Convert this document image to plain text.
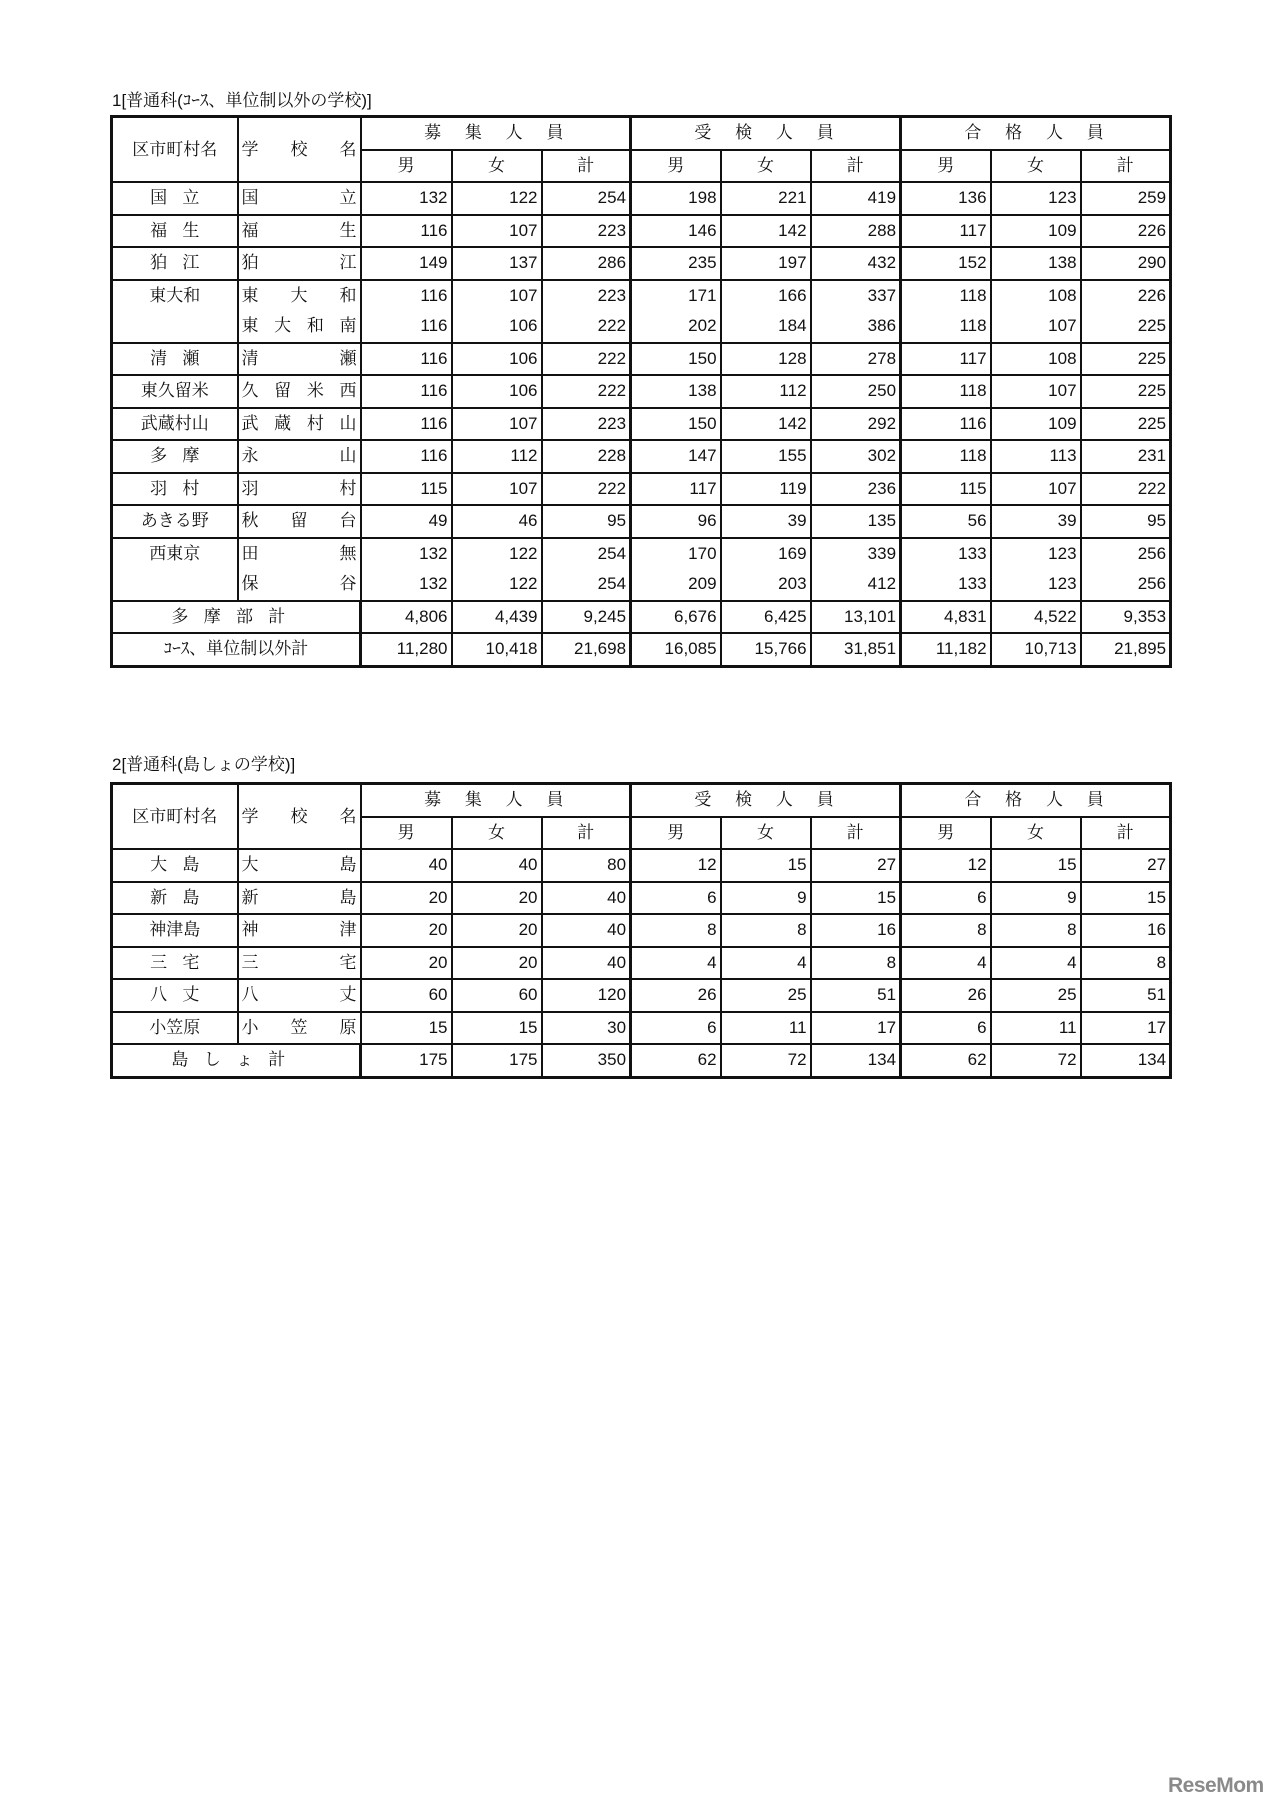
1[普通科(ｺｰｽ、単位制以外の学校)]
区市町村名	学校名	募集人員			受検人員			合格人員		
		男	女	計	男	女	計	男	女	計
国立	国立	132	122	254	198	221	419	136	123	259
福生	福生	116	107	223	146	142	288	117	109	226
狛江	狛江	149	137	286	235	197	432	152	138	290
東大和	東大和	116	107	223	171	166	337	118	108	226
	東大和南	116	106	222	202	184	386	118	107	225
清瀬	清瀬	116	106	222	150	128	278	117	108	225
東久留米	久留米西	116	106	222	138	112	250	118	107	225
武蔵村山	武蔵村山	116	107	223	150	142	292	116	109	225
多摩	永山	116	112	228	147	155	302	118	113	231
羽村	羽村	115	107	222	117	119	236	115	107	222
あきる野	秋留台	49	46	95	96	39	135	56	39	95
西東京	田無	132	122	254	170	169	339	133	123	256
	保谷	132	122	254	209	203	412	133	123	256
多摩部計		4,806	4,439	9,245	6,676	6,425	13,101	4,831	4,522	9,353
ｺｰｽ、単位制以外計		11,280	10,418	21,698	16,085	15,766	31,851	11,182	10,713	21,895
2[普通科(島しょの学校)]
区市町村名	学校名	募集人員			受検人員			合格人員		
		男	女	計	男	女	計	男	女	計
大島	大島	40	40	80	12	15	27	12	15	27
新島	新島	20	20	40	6	9	15	6	9	15
神津島	神津	20	20	40	8	8	16	8	8	16
三宅	三宅	20	20	40	4	4	8	4	4	8
八丈	八丈	60	60	120	26	25	51	26	25	51
小笠原	小笠原	15	15	30	6	11	17	6	11	17
島しょ計		175	175	350	62	72	134	62	72	134
ReseMom
